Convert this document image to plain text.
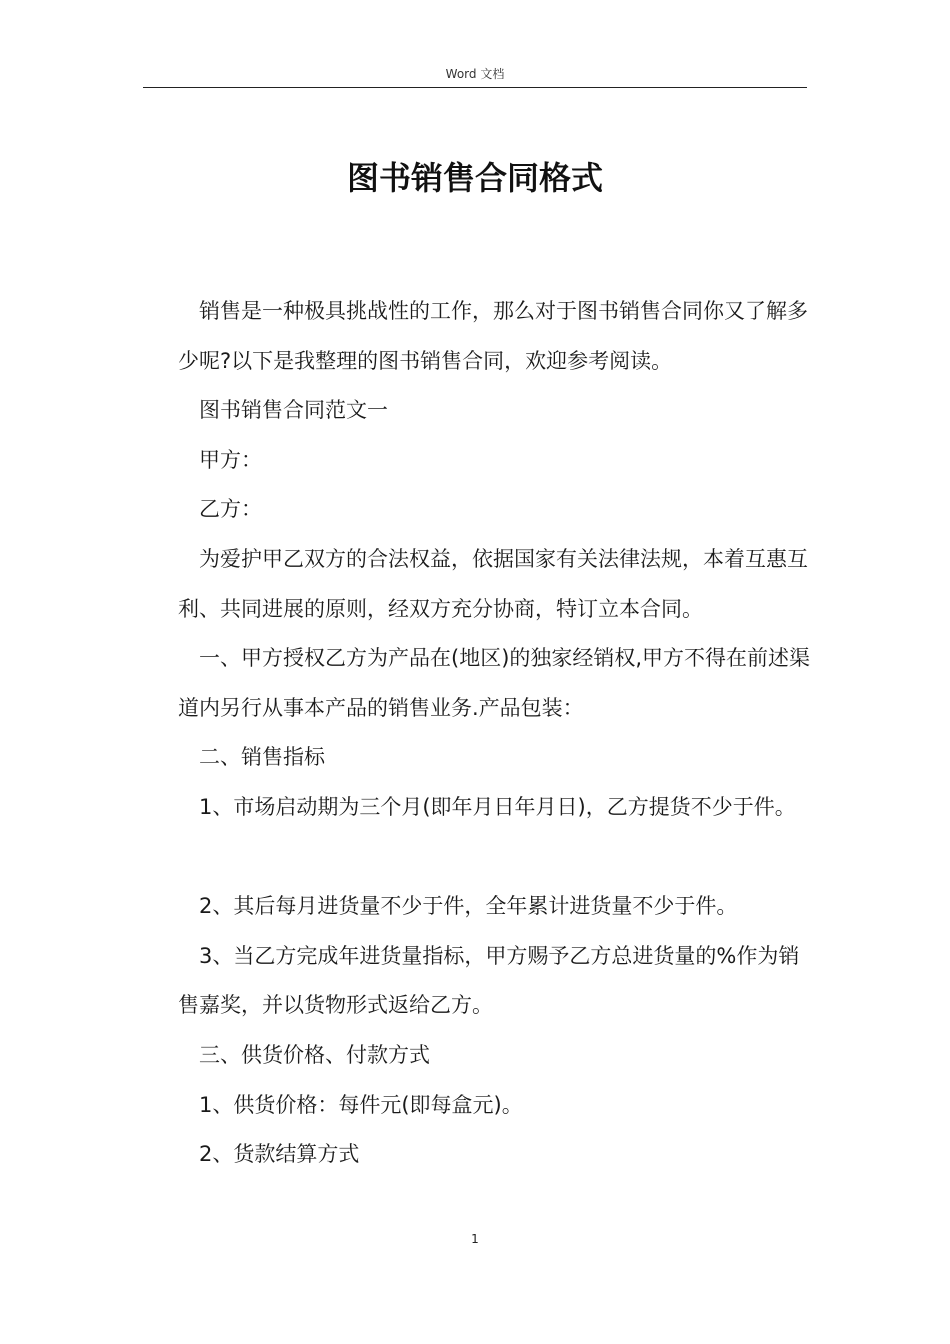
Word 文档
图书销售合同格式

销售是一种极具挑战性的工作，那么对于图书销售合同你又了解多少呢?以下是我整理的图书销售合同，欢迎参考阅读。

图书销售合同范文一

甲方：

乙方：

为爱护甲乙双方的合法权益，依据国家有关法律法规，本着互惠互利、共同进展的原则，经双方充分协商，特订立本合同。

一、甲方授权乙方为产品在(地区)的独家经销权,甲方不得在前述渠道内另行从事本产品的销售业务.产品包装：

二、销售指标

1、市场启动期为三个月(即年月日年月日)，乙方提货不少于件。

2、其后每月进货量不少于件，全年累计进货量不少于件。

3、当乙方完成年进货量指标，甲方赐予乙方总进货量的%作为销售嘉奖，并以货物形式返给乙方。

三、供货价格、付款方式

1、供货价格：每件元(即每盒元)。

2、货款结算方式

1
